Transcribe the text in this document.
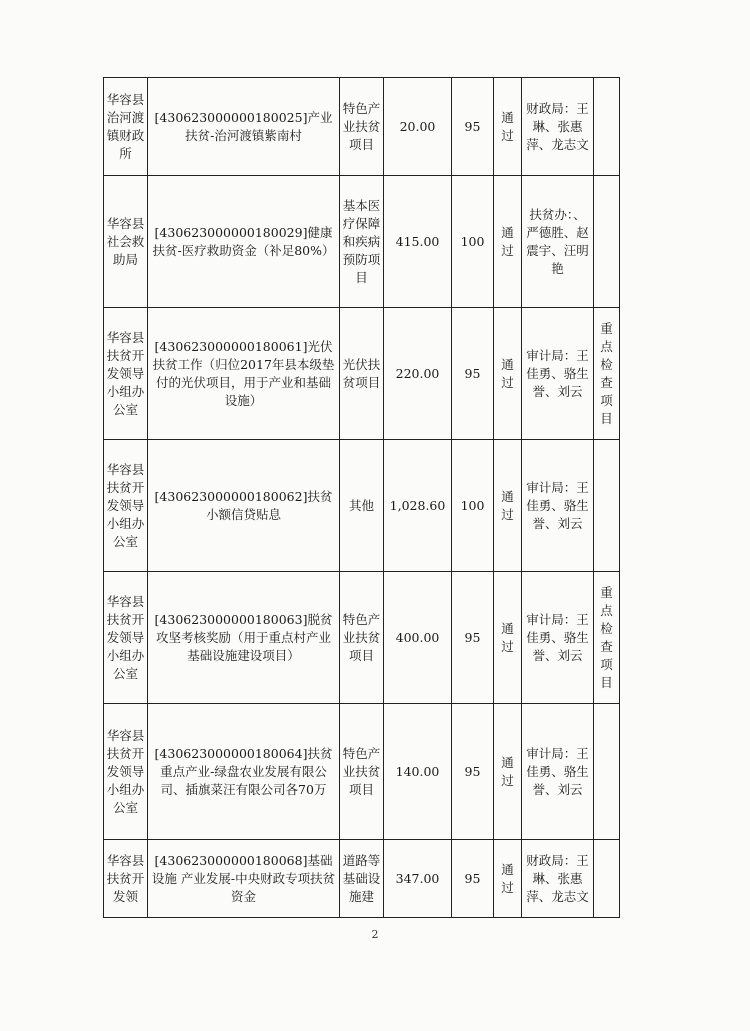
华容县治河渡镇财政所	[430623000000180025]产业扶贫-治河渡镇紫南村	特色产业扶贫项目	20.00	95	通过	财政局：王琳、张惠萍、龙志文	
华容县社会救助局	[430623000000180029]健康扶贫-医疗救助资金（补足80%）	基本医疗保障和疾病预防项目	415.00	100	通过	扶贫办：、严德胜、赵震宇、汪明艳	
华容县扶贫开发领导小组办公室	[430623000000180061]光伏扶贫工作（归位2017年县本级垫付的光伏项目，用于产业和基础设施）	光伏扶贫项目	220.00	95	通过	审计局：王佳勇、骆生誉、刘云	重点检查项目
华容县扶贫开发领导小组办公室	[430623000000180062]扶贫小额信贷贴息	其他	1,028.60	100	通过	审计局：王佳勇、骆生誉、刘云	
华容县扶贫开发领导小组办公室	[430623000000180063]脱贫攻坚考核奖励（用于重点村产业基础设施建设项目）	特色产业扶贫项目	400.00	95	通过	审计局：王佳勇、骆生誉、刘云	重点检查项目
华容县扶贫开发领导小组办公室	[430623000000180064]扶贫重点产业-绿盘农业发展有限公司、插旗菜汪有限公司各70万	特色产业扶贫项目	140.00	95	通过	审计局：王佳勇、骆生誉、刘云	
华容县扶贫开发领	[430623000000180068]基础设施 产业发展-中央财政专项扶贫资金	道路等基础设施建	347.00	95	通过	财政局：王琳、张惠萍、龙志文	
2
